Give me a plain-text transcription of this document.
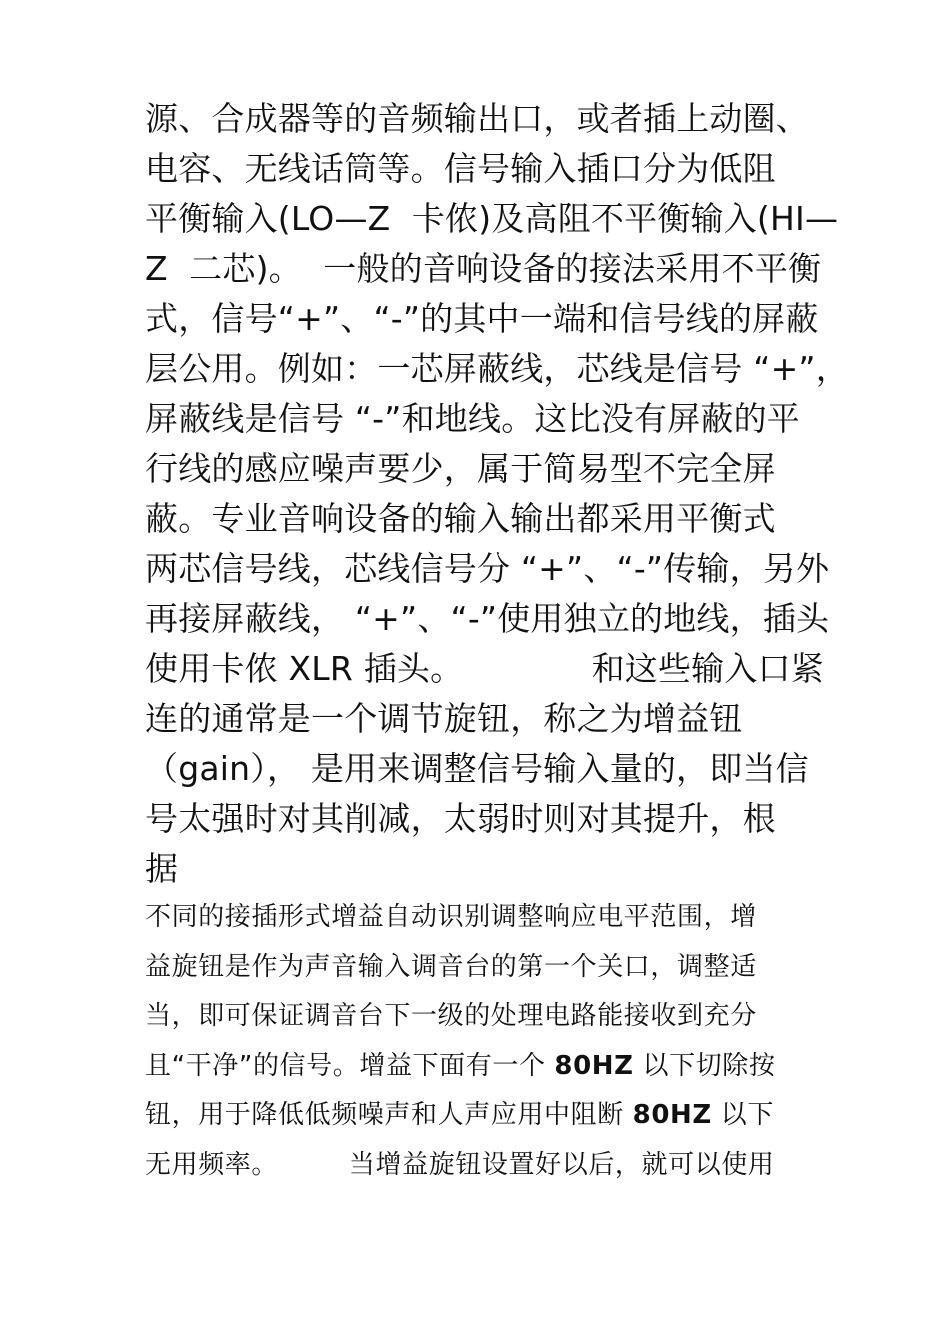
源、合成器等的音频输出口，或者插上动圈、
电容、无线话筒等。信号输入插口分为低阻
平衡输入(LO—Z  卡侬)及高阻不平衡输入(HI—
Z  二芯)。  一般的音响设备的接法采用不平衡
式，信号“+”、“-”的其中一端和信号线的屏蔽
层公用。例如：一芯屏蔽线，芯线是信号 “+”，
屏蔽线是信号 “-”和地线。这比没有屏蔽的平
行线的感应噪声要少，属于简易型不完全屏
蔽。专业音响设备的输入输出都采用平衡式
两芯信号线，芯线信号分 “+”、“-”传输，另外
再接屏蔽线， “+”、“-”使用独立的地线，插头
使用卡侬 XLR 插头。            和这些输入口紧
连的通常是一个调节旋钮，称之为增益钮
（gain）， 是用来调整信号输入量的，即当信
号太强时对其削减，太弱时则对其提升，根
据
不同的接插形式增益自动识别调整响应电平范围，增
益旋钮是作为声音输入调音台的第一个关口，调整适
当，即可保证调音台下一级的处理电路能接收到充分
且“干净”的信号。增益下面有一个 80HZ 以下切除按
钮，用于降低低频噪声和人声应用中阻断 80HZ 以下
无用频率。        当增益旋钮设置好以后，就可以使用
